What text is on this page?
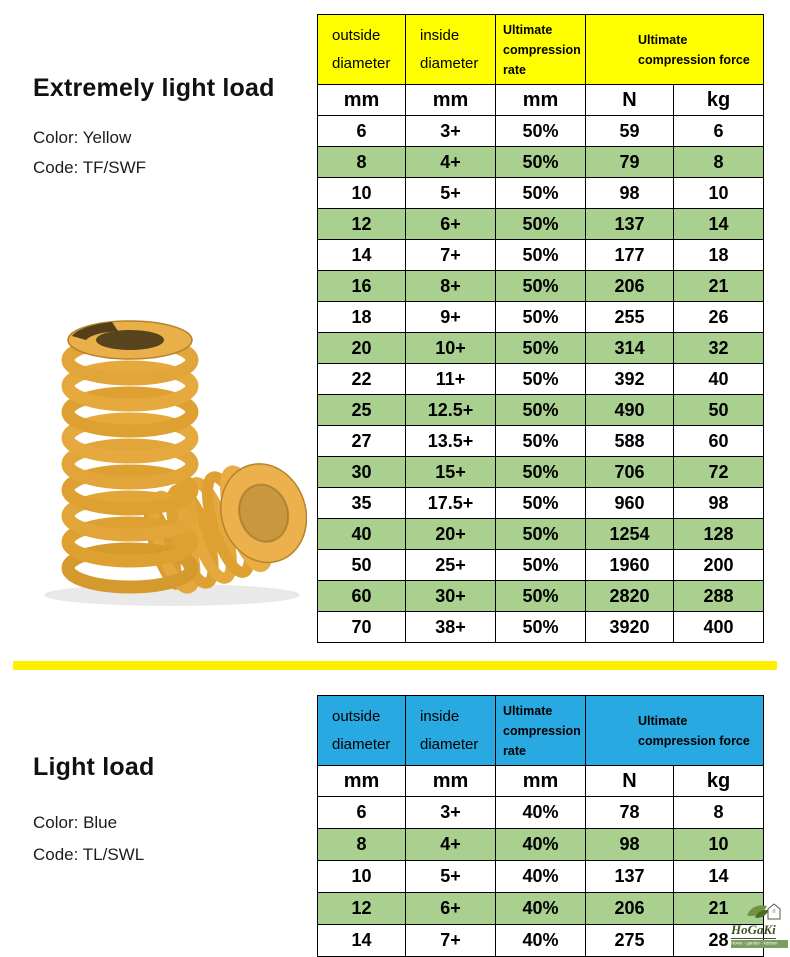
Extremely light load
Color: Yellow
Code: TF/SWF
outside diameter	inside diameter	Ultimate compression rate	Ultimate compression force	
mm	mm	mm	N	kg
6	3+	50%	59	6
8	4+	50%	79	8
10	5+	50%	98	10
12	6+	50%	137	14
14	7+	50%	177	18
16	8+	50%	206	21
18	9+	50%	255	26
20	10+	50%	314	32
22	11+	50%	392	40
25	12.5+	50%	490	50
27	13.5+	50%	588	60
30	15+	50%	706	72
35	17.5+	50%	960	98
40	20+	50%	1254	128
50	25+	50%	1960	200
60	30+	50%	2820	288
70	38+	50%	3920	400
Light load
Color: Blue
Code: TL/SWL
outside diameter	inside diameter	Ultimate compression rate	Ultimate compression force	
mm	mm	mm	N	kg
6	3+	40%	78	8
8	4+	40%	98	10
10	5+	40%	137	14
12	6+	40%	206	21
14	7+	40%	275	28
HoGaKi
Home - garden - kitchen
